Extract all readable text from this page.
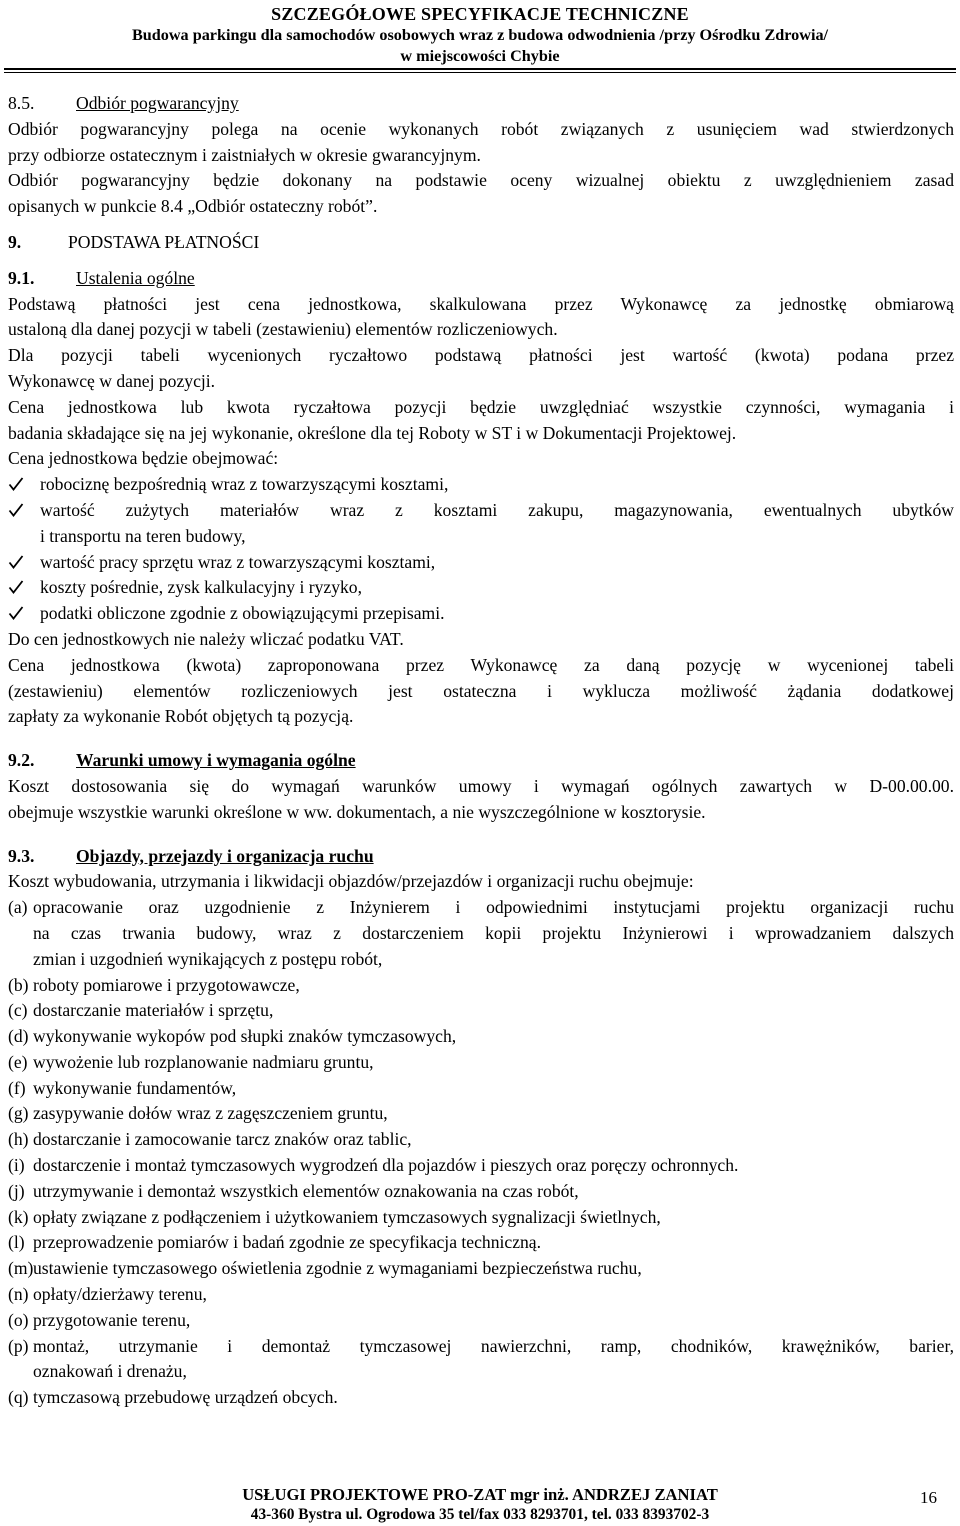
SZCZEGÓŁOWE SPECYFIKACJE TECHNICZNE
Budowa parkingu dla samochodów osobowych wraz z budowa odwodnienia /przy Ośrodku Zdrowia/
w miejscowości Chybie
8.5. Odbiór pogwarancyjny
Odbiór pogwarancyjny polega na ocenie wykonanych robót związanych z usunięciem wad stwierdzonych
przy odbiorze ostatecznym i zaistniałych w okresie gwarancyjnym.
Odbiór pogwarancyjny będzie dokonany na podstawie oceny wizualnej obiektu z uwzględnieniem zasad
opisanych w punkcie 8.4 „Odbiór ostateczny robót”.
9.	PODSTAWA PŁATNOŚCI
9.1. Ustalenia ogólne
Podstawą płatności jest cena jednostkowa, skalkulowana przez Wykonawcę za jednostkę obmiarową
ustaloną dla danej pozycji w tabeli (zestawieniu) elementów rozliczeniowych.
Dla pozycji tabeli wycenionych ryczałtowo podstawą płatności jest wartość (kwota) podana przez
Wykonawcę w danej pozycji.
Cena jednostkowa lub kwota ryczałtowa pozycji będzie uwzględniać wszystkie czynności, wymagania i
badania składające się na jej wykonanie, określone dla tej Roboty w ST i w Dokumentacji Projektowej.
Cena jednostkowa będzie obejmować:
robociznę bezpośrednią wraz z towarzyszącymi kosztami,
wartość zużytych materiałów wraz z kosztami zakupu, magazynowania, ewentualnych ubytków
i transportu na teren budowy,
wartość pracy sprzętu wraz z towarzyszącymi kosztami,
koszty pośrednie, zysk kalkulacyjny i ryzyko,
podatki obliczone zgodnie z obowiązującymi przepisami.
Do cen jednostkowych nie należy wliczać podatku VAT.
Cena jednostkowa (kwota) zaproponowana przez Wykonawcę za daną pozycję w wycenionej tabeli
(zestawieniu) elementów rozliczeniowych jest ostateczna i wyklucza możliwość żądania dodatkowej
zapłaty za wykonanie Robót objętych tą pozycją.
9.2. Warunki umowy i wymagania ogólne
Koszt dostosowania się do wymagań warunków umowy i wymagań ogólnych zawartych w D-00.00.00.
obejmuje wszystkie warunki określone w ww. dokumentach, a nie wyszczególnione w kosztorysie.
9.3. Objazdy, przejazdy i organizacja ruchu
Koszt wybudowania, utrzymania i likwidacji objazdów/przejazdów i organizacji ruchu obejmuje:
(a) opracowanie oraz uzgodnienie z Inżynierem i odpowiednimi instytucjami projektu organizacji ruchu
na czas trwania budowy, wraz z dostarczeniem kopii projektu Inżynierowi i wprowadzaniem dalszych
zmian i uzgodnień wynikających z postępu robót,
(b) roboty pomiarowe i przygotowawcze,
(c) dostarczanie materiałów i sprzętu,
(d) wykonywanie wykopów pod słupki znaków tymczasowych,
(e) wywożenie lub rozplanowanie nadmiaru gruntu,
(f) wykonywanie fundamentów,
(g) zasypywanie dołów wraz z zagęszczeniem gruntu,
(h) dostarczanie i zamocowanie tarcz znaków oraz tablic,
(i) dostarczenie i montaż tymczasowych wygrodzeń dla pojazdów i pieszych oraz poręczy ochronnych.
(j) utrzymywanie i demontaż wszystkich elementów oznakowania na czas robót,
(k) opłaty związane z podłączeniem i użytkowaniem tymczasowych sygnalizacji świetlnych,
(l) przeprowadzenie pomiarów i badań zgodnie ze specyfikacja techniczną.
(m) ustawienie tymczasowego oświetlenia zgodnie z wymaganiami bezpieczeństwa ruchu,
(n) opłaty/dzierżawy terenu,
(o) przygotowanie terenu,
(p) montaż, utrzymanie i demontaż tymczasowej nawierzchni, ramp, chodników, krawężników, barier,
oznakowań i drenażu,
(q) tymczasową przebudowę urządzeń obcych.
USŁUGI PROJEKTOWE PRO-ZAT mgr inż. ANDRZEJ ZANIAT
43-360 Bystra ul. Ogrodowa 35 tel/fax 033 8293701, tel. 033 8393702-3
16
